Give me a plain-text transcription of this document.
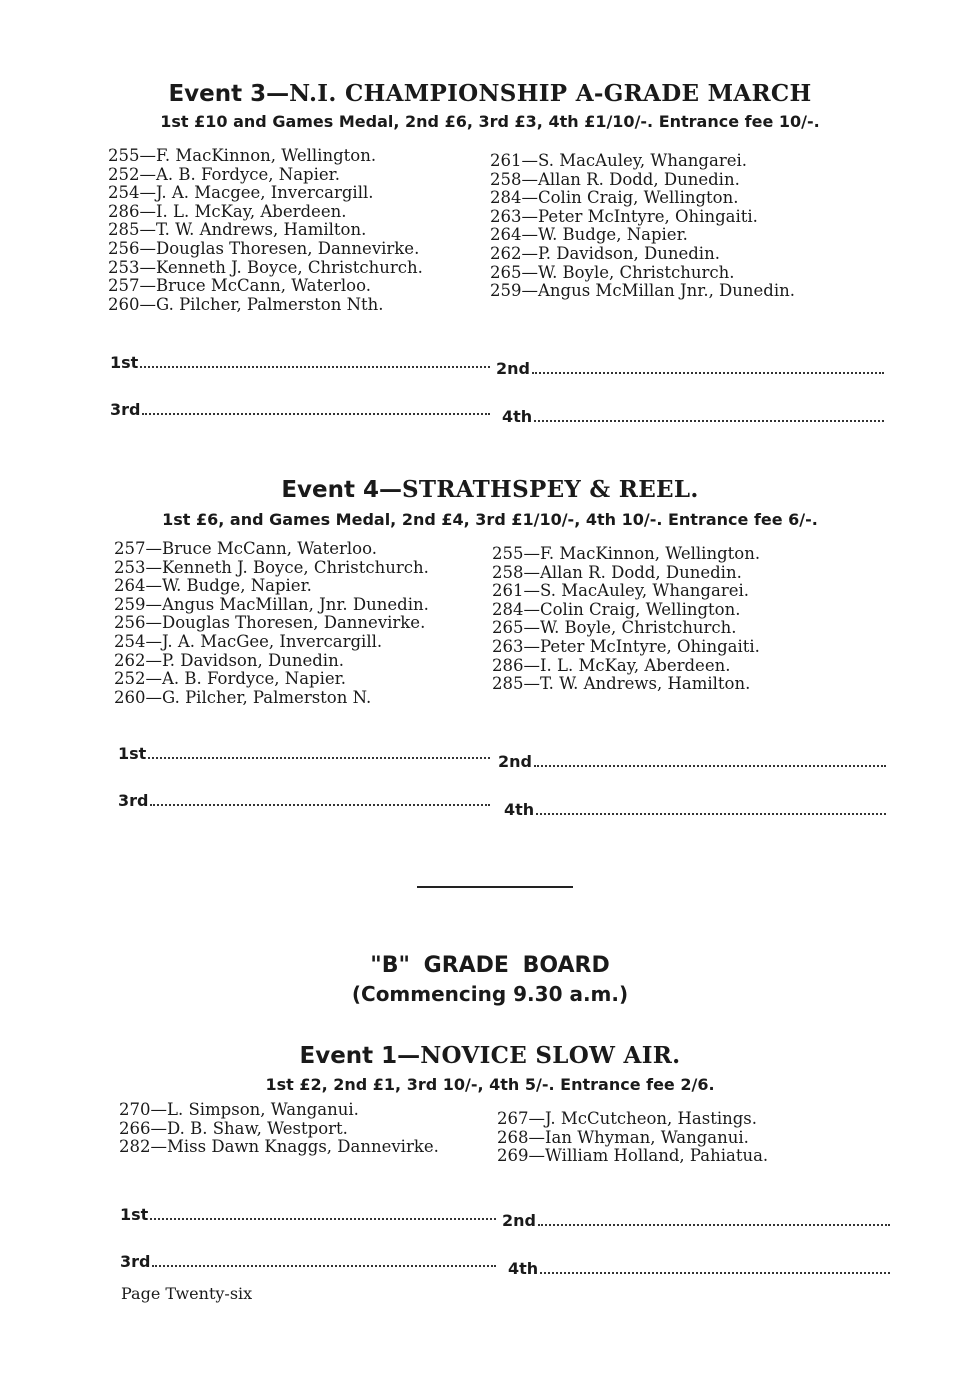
Event 3—N.I. CHAMPIONSHIP A-GRADE MARCH

1st £10 and Games Medal, 2nd £6, 3rd £3, 4th £1/10/-. Entrance fee 10/-.

255—F. MacKinnon, Wellington.
252—A. B. Fordyce, Napier.
254—J. A. Macgee, Invercargill.
286—I. L. McKay, Aberdeen.
285—T. W. Andrews, Hamilton.
256—Douglas Thoresen, Dannevirke.
253—Kenneth J. Boyce, Christchurch.
257—Bruce McCann, Waterloo.
260—G. Pilcher, Palmerston Nth.
261—S. MacAuley, Whangarei.
258—Allan R. Dodd, Dunedin.
284—Colin Craig, Wellington.
263—Peter McIntyre, Ohingaiti.
264—W. Budge, Napier.
262—P. Davidson, Dunedin.
265—W. Boyle, Christchurch.
259—Angus McMillan Jnr., Dunedin.
1st	2nd
3rd	4th
Event 4—STRATHSPEY & REEL.

1st £6, and Games Medal, 2nd £4, 3rd £1/10/-, 4th 10/-. Entrance fee 6/-.

257—Bruce McCann, Waterloo.
253—Kenneth J. Boyce, Christchurch.
264—W. Budge, Napier.
259—Angus MacMillan, Jnr. Dunedin.
256—Douglas Thoresen, Dannevirke.
254—J. A. MacGee, Invercargill.
262—P. Davidson, Dunedin.
252—A. B. Fordyce, Napier.
260—G. Pilcher, Palmerston N.
255—F. MacKinnon, Wellington.
258—Allan R. Dodd, Dunedin.
261—S. MacAuley, Whangarei.
284—Colin Craig, Wellington.
265—W. Boyle, Christchurch.
263—Peter McIntyre, Ohingaiti.
286—I. L. McKay, Aberdeen.
285—T. W. Andrews, Hamilton.
1st	2nd
3rd	4th
"B" GRADE BOARD
(Commencing 9.30 a.m.)
Event 1—NOVICE SLOW AIR.

1st £2, 2nd £1, 3rd 10/-, 4th 5/-. Entrance fee 2/6.

270—L. Simpson, Wanganui.
266—D. B. Shaw, Westport.
282—Miss Dawn Knaggs, Dannevirke.
267—J. McCutcheon, Hastings.
268—Ian Whyman, Wanganui.
269—William Holland, Pahiatua.
1st	2nd
3rd	4th

Page Twenty-six
